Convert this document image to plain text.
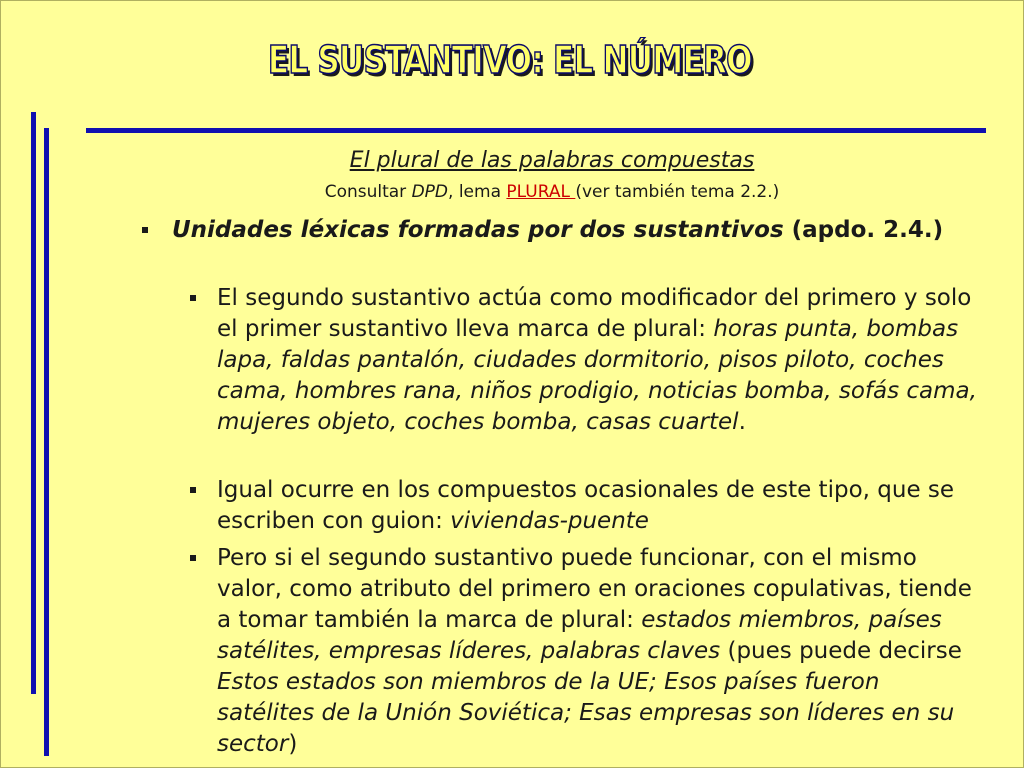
EL SUSTANTIVO: EL NÚMERO
El plural de las palabras compuestas
Consultar DPD, lema PLURAL (ver también tema 2.2.)
Unidades léxicas formadas por dos sustantivos (apdo. 2.4.)
El segundo sustantivo actúa como modificador del primero y solo el primer sustantivo lleva marca de plural: horas punta, bombas lapa, faldas pantalón, ciudades dormitorio, pisos piloto, coches cama, hombres rana, niños prodigio, noticias bomba, sofás cama, mujeres objeto, coches bomba, casas cuartel.
Igual ocurre en los compuestos ocasionales de este tipo, que se escriben con guion: viviendas-puente
Pero si el segundo sustantivo puede funcionar, con el mismo valor, como atributo del primero en oraciones copulativas, tiende a tomar también la marca de plural: estados miembros, países satélites, empresas líderes, palabras claves (pues puede decirse Estos estados son miembros de la UE; Esos países fueron satélites de la Unión Soviética; Esas empresas son líderes en su sector)
